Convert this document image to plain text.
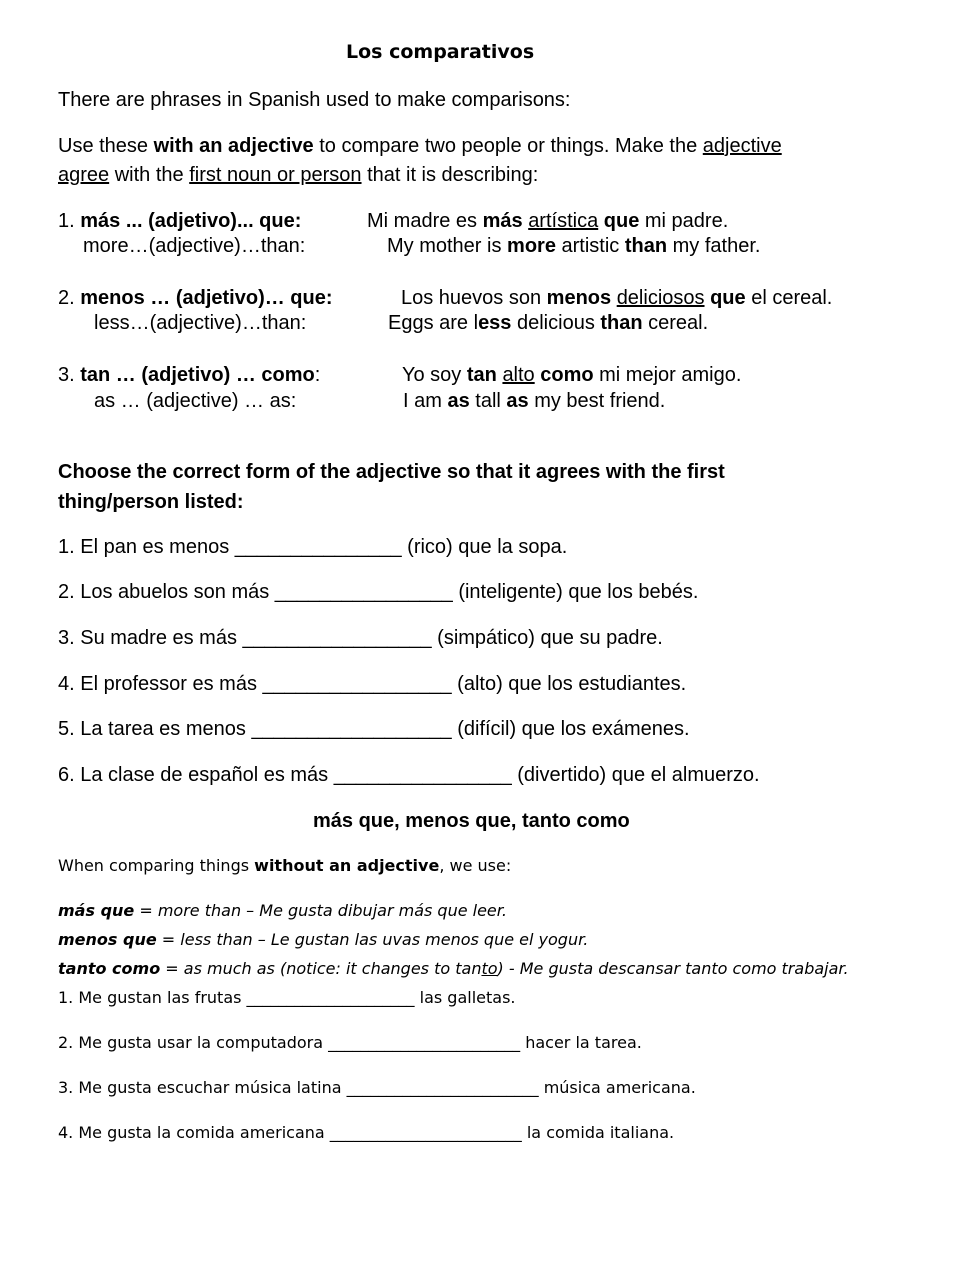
Los comparativos
There are phrases in Spanish used to make comparisons:
Use these with an adjective to compare two people or things. Make the adjective
agree with the first noun or person that it is describing:
1. más ... (adjetivo)... que:	Mi madre es más artística que mi padre.
more…(adjective)…than:	My mother is more artistic than my father.
2. menos … (adjetivo)… que:	Los huevos son menos deliciosos que el cereal.
less…(adjective)…than:	Eggs are less delicious than cereal.
3. tan … (adjetivo) … como:	Yo soy tan alto como mi mejor amigo.
as … (adjective) … as:	I am as tall as my best friend.
Choose the correct form of the adjective so that it agrees with the first
thing/person listed:
1. El pan es menos _______________ (rico) que la sopa.
2. Los abuelos son más ________________ (inteligente) que los bebés.
3. Su madre es más _________________ (simpático) que su padre.
4. El professor es más _________________ (alto) que los estudiantes.
5. La tarea es menos __________________ (difícil) que los exámenes.
6. La clase de español es más ________________ (divertido) que el almuerzo.
más que, menos que, tanto como
When comparing things without an adjective, we use:
más que = more than – Me gusta dibujar más que leer.
menos que = less than – Le gustan las uvas menos que el yogur.
tanto como = as much as (notice: it changes to tanto) - Me gusta descansar tanto como trabajar.
1. Me gustan las frutas _____________________ las galletas.
2. Me gusta usar la computadora ________________________ hacer la tarea.
3. Me gusta escuchar música latina ________________________ música americana.
4. Me gusta la comida americana ________________________ la comida italiana.
